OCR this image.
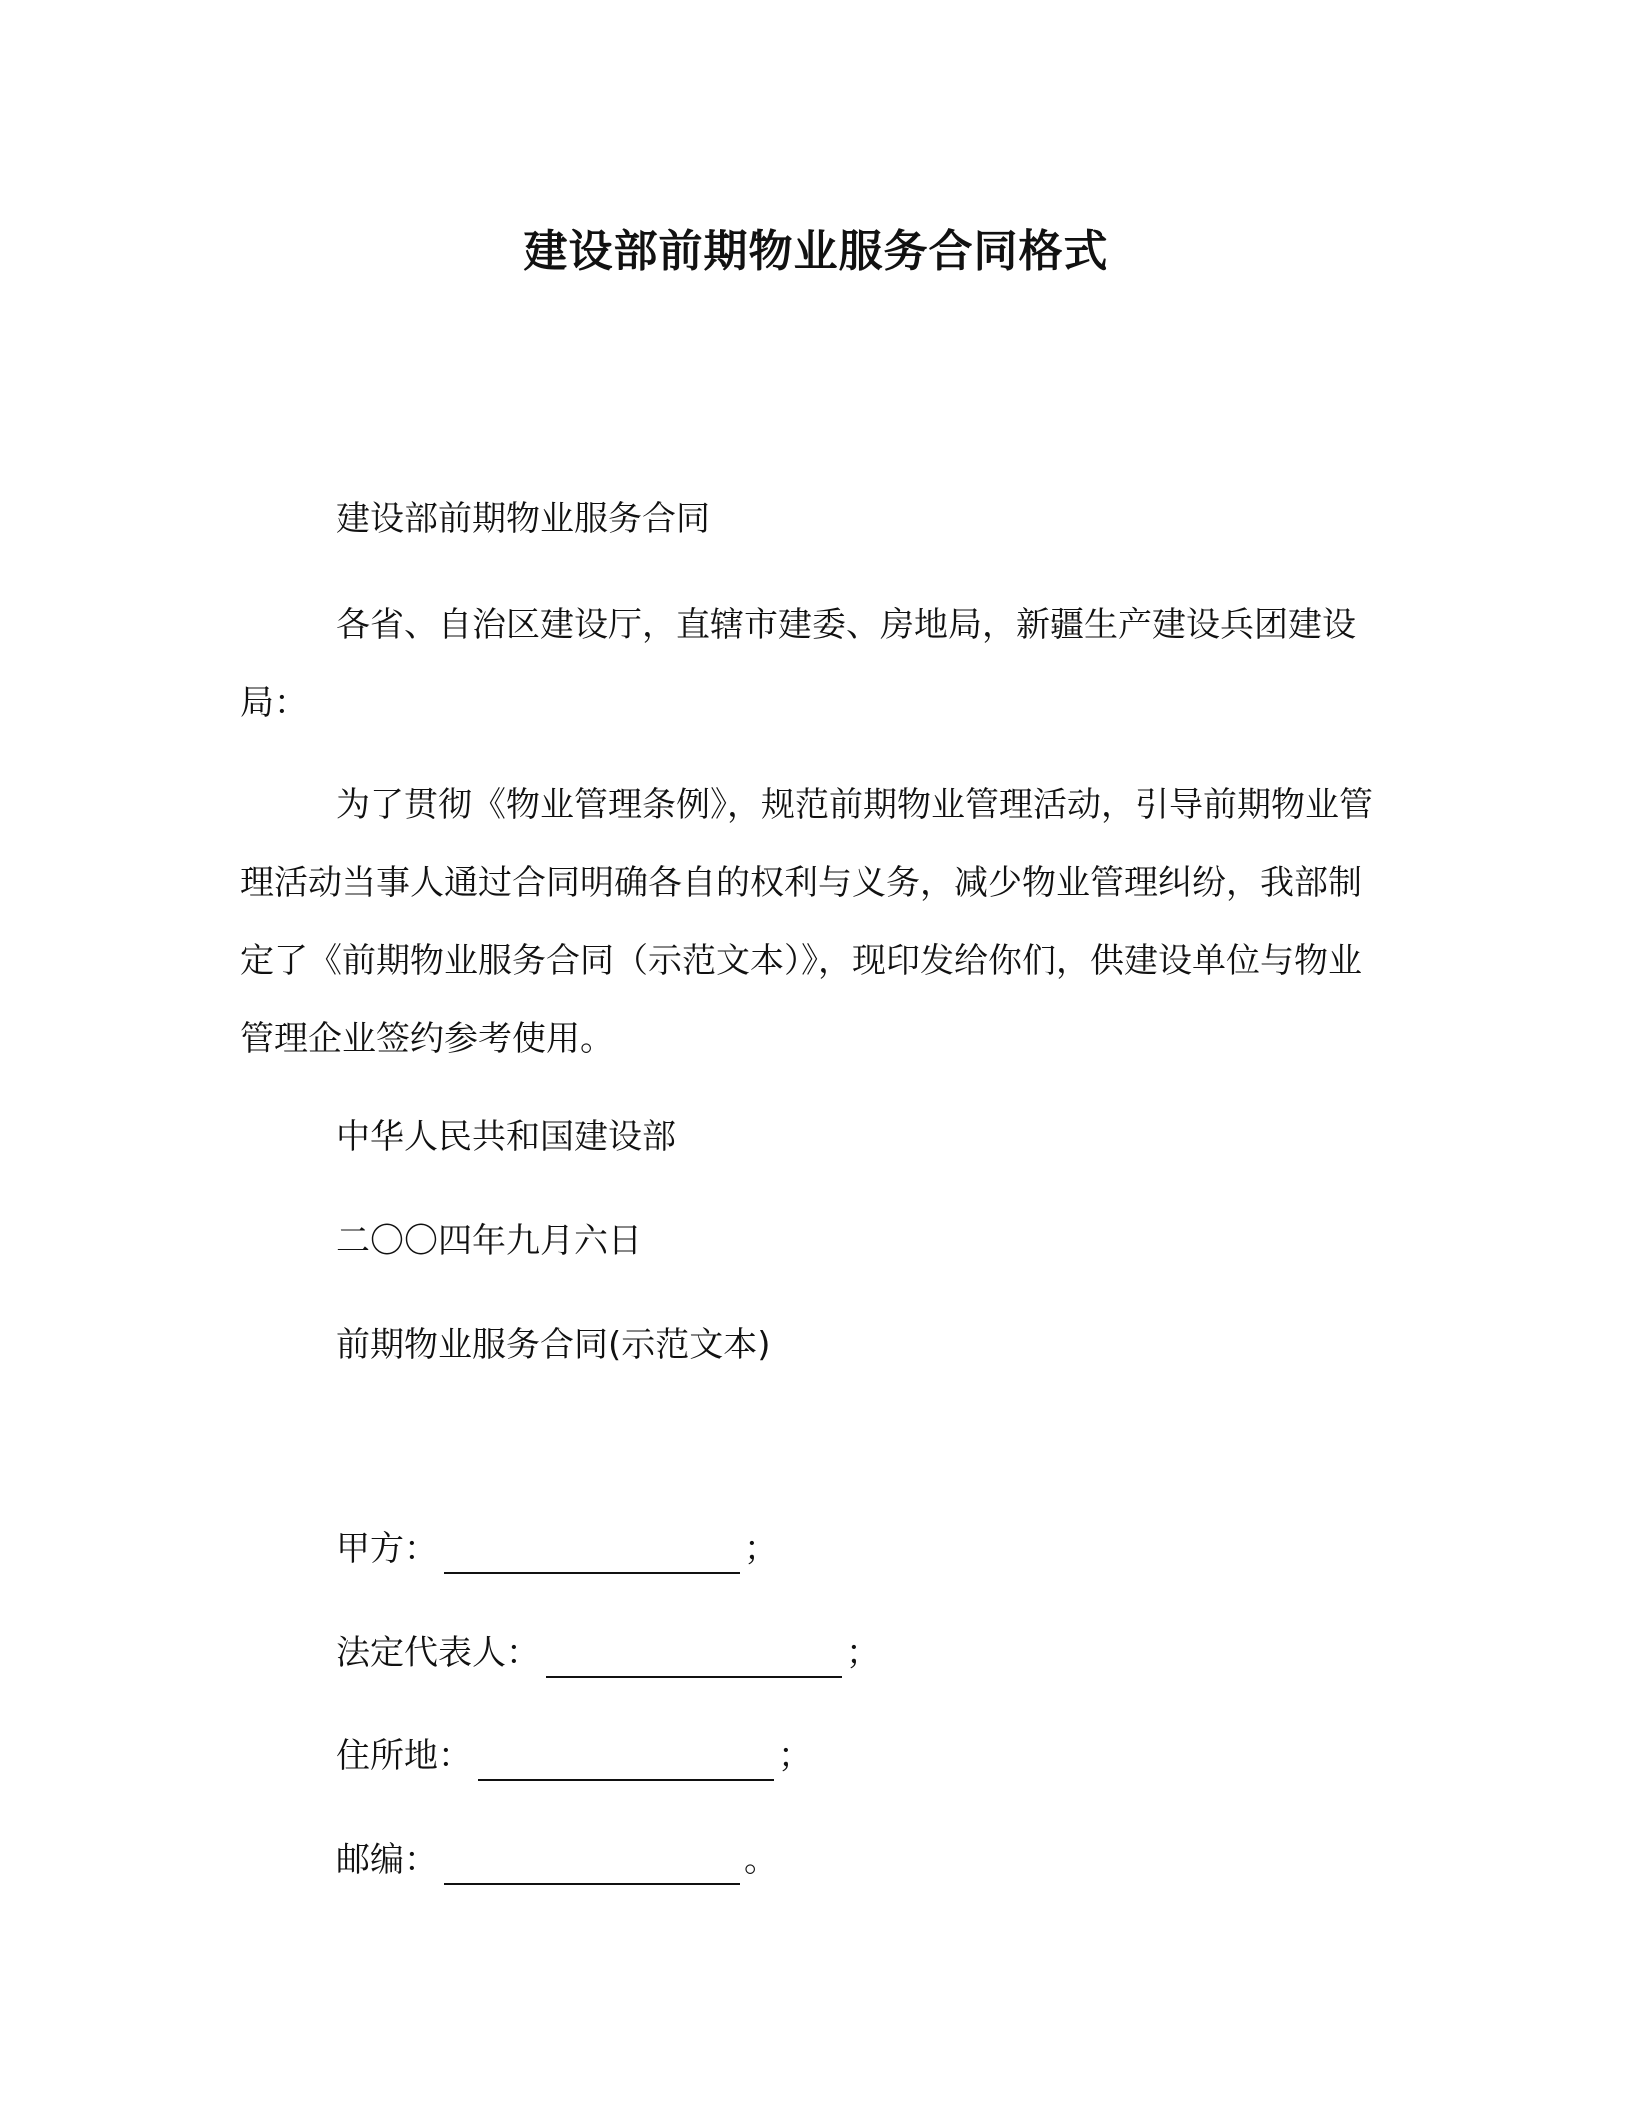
建设部前期物业服务合同格式

建设部前期物业服务合同

各省、自治区建设厅，直辖市建委、房地局，新疆生产建设兵团建设局：

为了贯彻《物业管理条例》，规范前期物业管理活动，引导前期物业管理活动当事人通过合同明确各自的权利与义务，减少物业管理纠纷，我部制定了《前期物业服务合同（示范文本）》，现印发给你们，供建设单位与物业管理企业签约参考使用。

中华人民共和国建设部

二〇〇四年九月六日

前期物业服务合同(示范文本)

甲方：	；
法定代表人：	；
住所地：	；
邮编：	。
